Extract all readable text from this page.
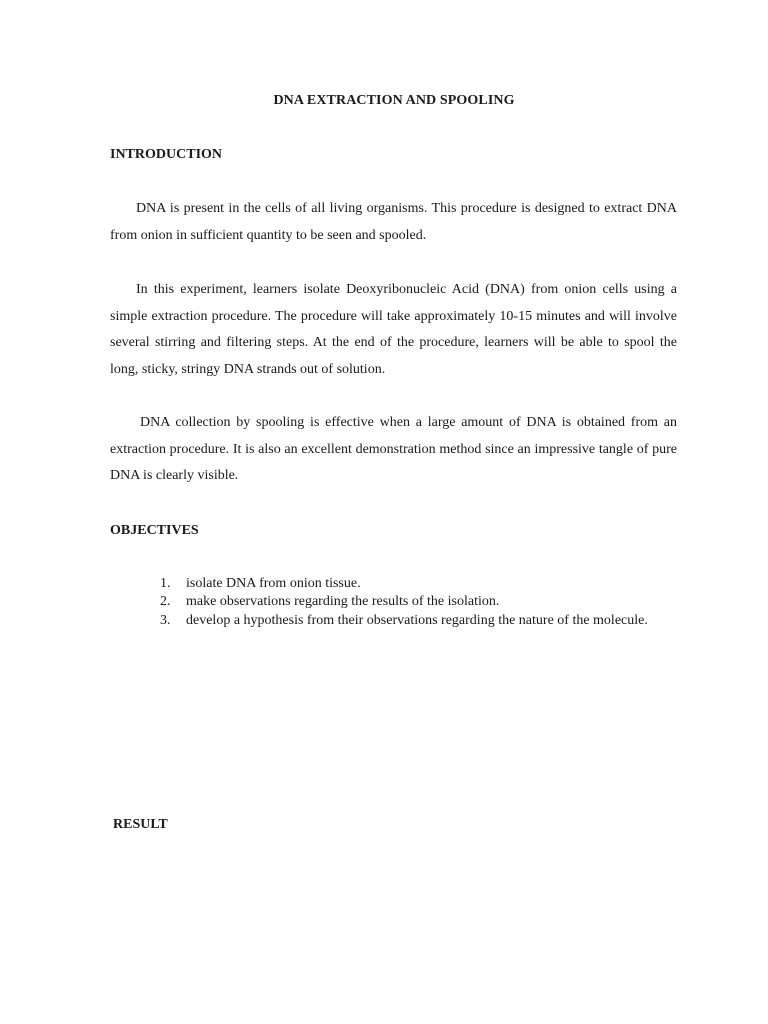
DNA EXTRACTION AND SPOOLING
INTRODUCTION

DNA is present in the cells of all living organisms. This procedure is designed to extract DNA from onion in sufficient quantity to be seen and spooled.

In this experiment, learners isolate Deoxyribonucleic Acid (DNA) from onion cells using a simple extraction procedure. The procedure will take approximately 10-15 minutes and will involve several stirring and filtering steps. At the end of the procedure, learners will be able to spool the long, sticky, stringy DNA strands out of solution.

DNA collection by spooling is effective when a large amount of DNA is obtained from an extraction procedure. It is also an excellent demonstration method since an impressive tangle of pure DNA is clearly visible.

OBJECTIVES
1. isolate DNA from onion tissue.
2. make observations regarding the results of the isolation.
3. develop a hypothesis from their observations regarding the nature of the molecule.
RESULT
